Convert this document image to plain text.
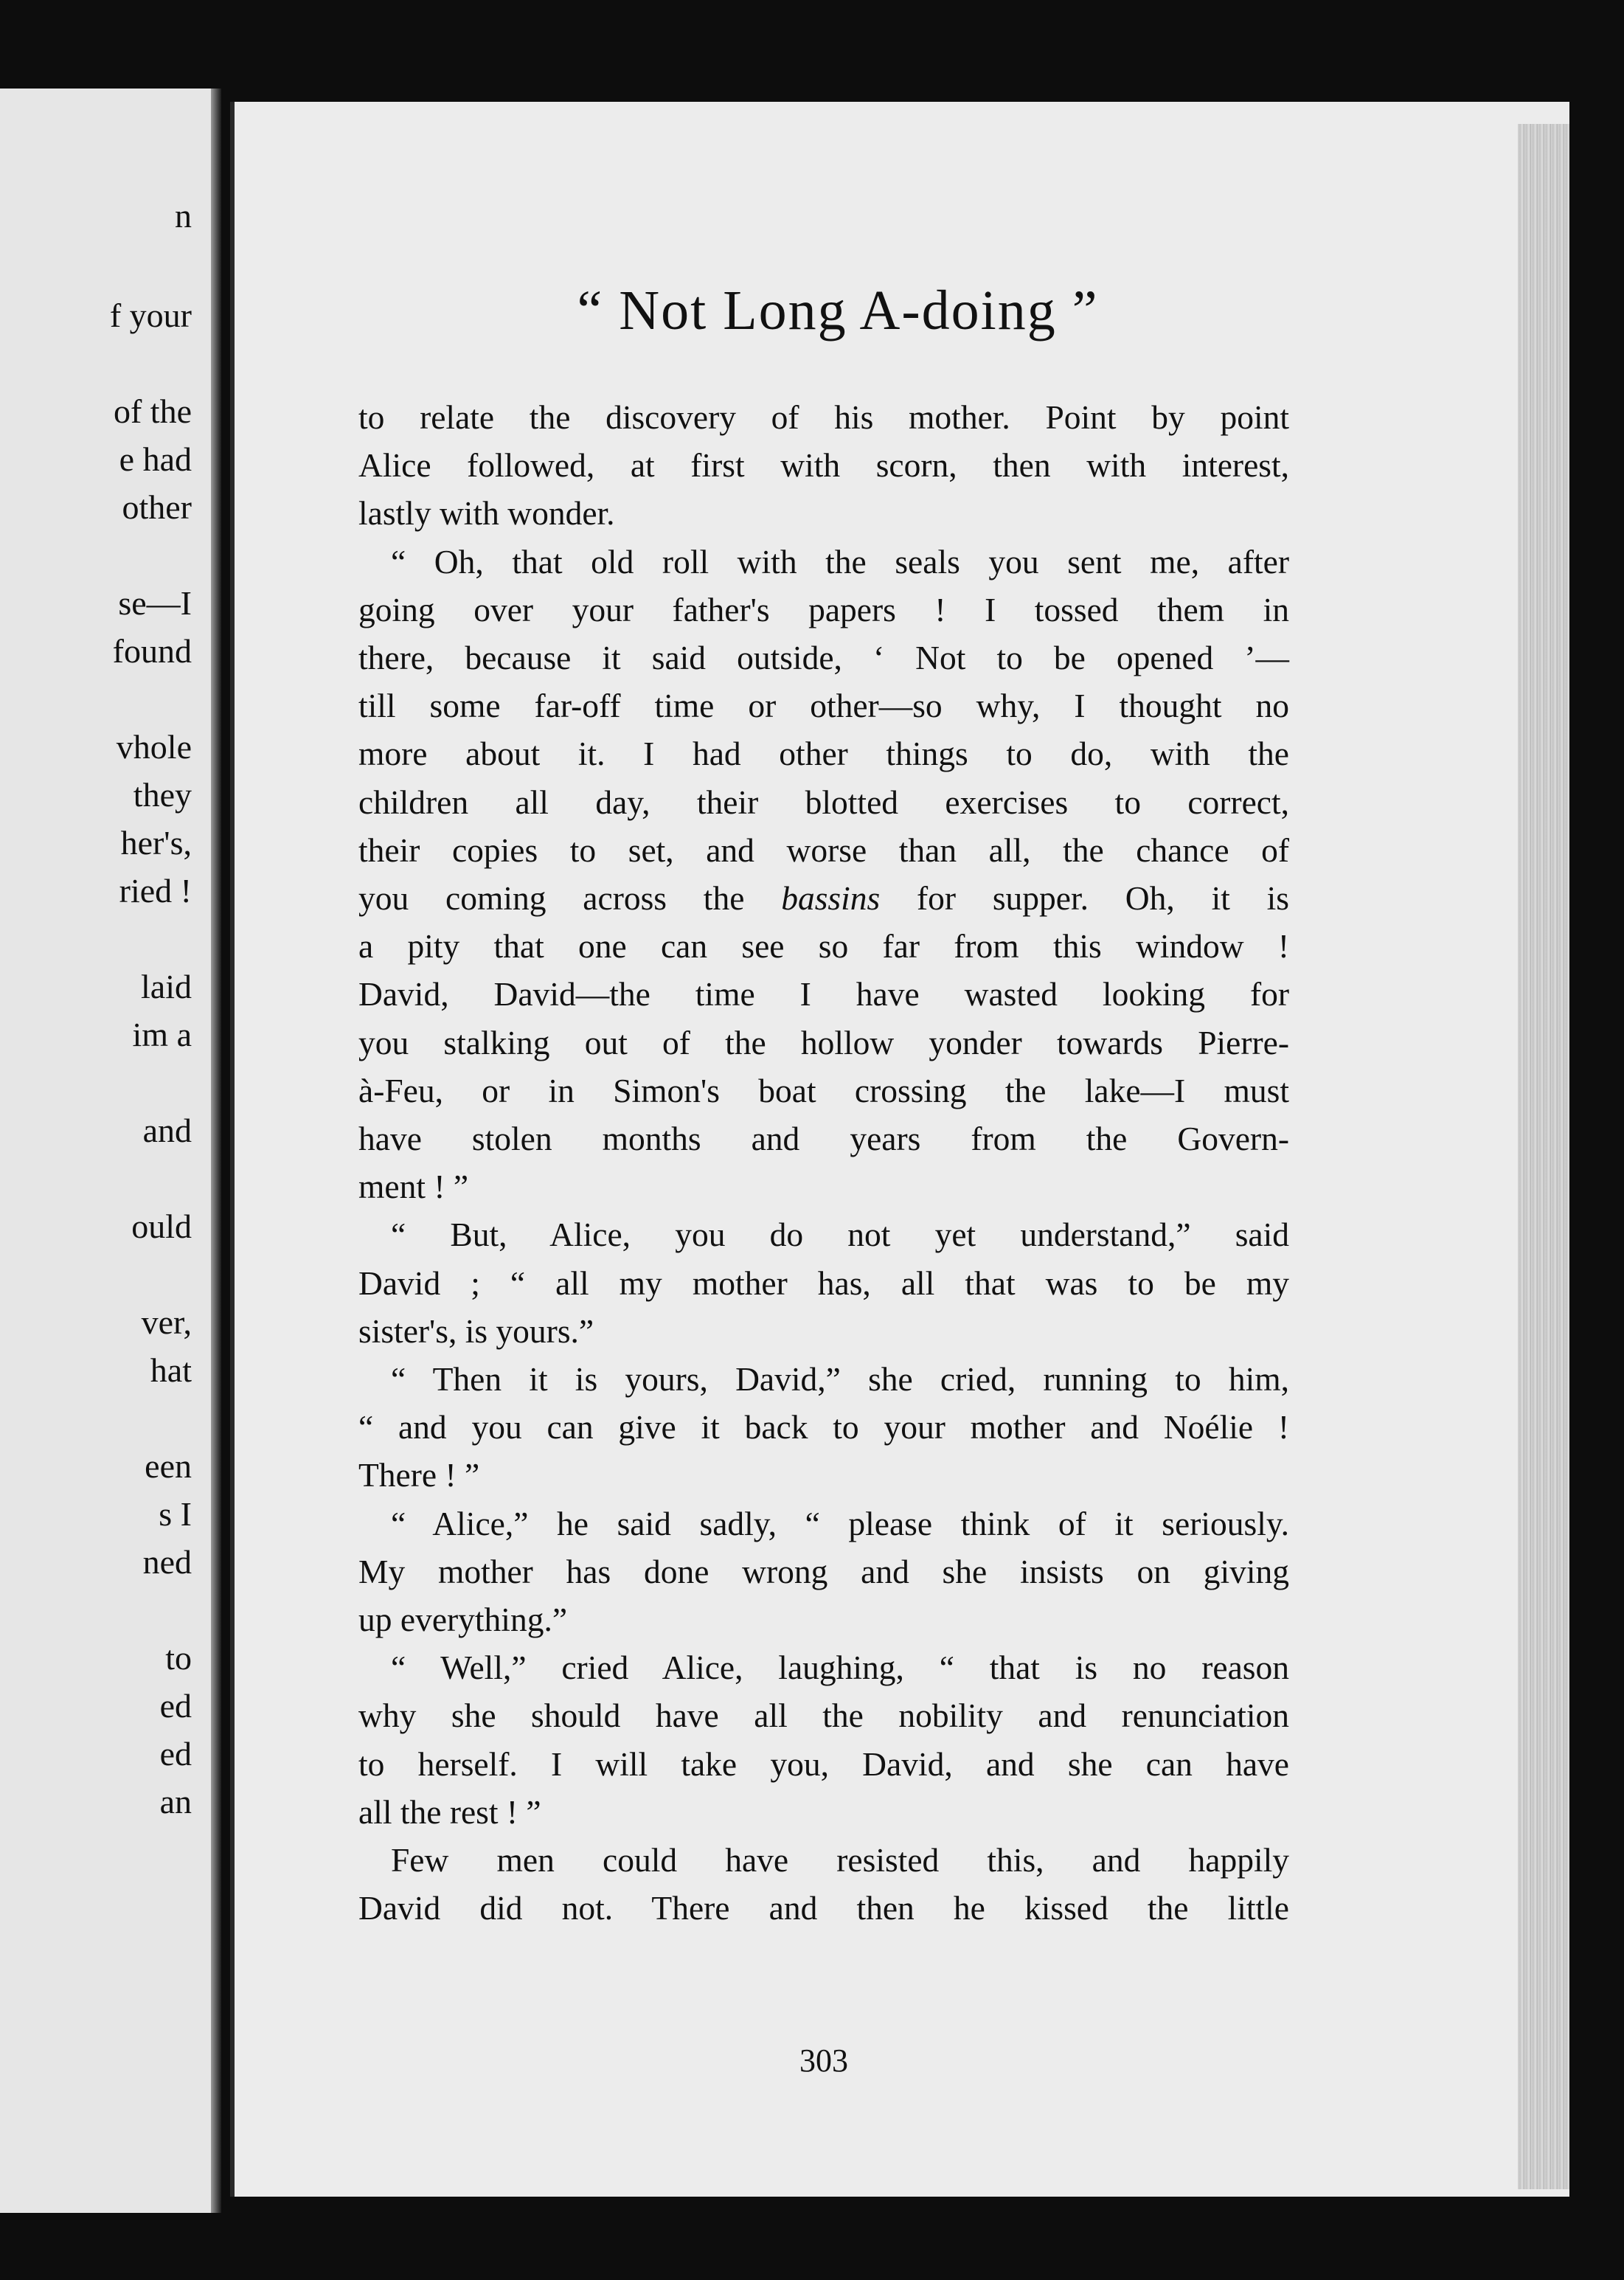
n
f your
of the
e had
other
se—I
found
vhole
they
her's,
ried !
laid
im a
and
ould
ver,
hat
een
s I
ned
to
ed
ed
an
“ Not Long A-doing ”
to relate the discovery of his mother. Point by point
Alice followed, at first with scorn, then with interest,
lastly with wonder.
“ Oh, that old roll with the seals you sent me, after
going over your father's papers ! I tossed them in
there, because it said outside, ‘ Not to be opened ’—
till some far-off time or other—so why, I thought no
more about it. I had other things to do, with the
children all day, their blotted exercises to correct,
their copies to set, and worse than all, the chance of
you coming across the bassins for supper. Oh, it is
a pity that one can see so far from this window !
David, David—the time I have wasted looking for
you stalking out of the hollow yonder towards Pierre-
à-Feu, or in Simon's boat crossing the lake—I must
have stolen months and years from the Govern-
ment ! ”
“ But, Alice, you do not yet understand,” said
David ; “ all my mother has, all that was to be my
sister's, is yours.”
“ Then it is yours, David,” she cried, running to him,
“ and you can give it back to your mother and Noélie !
There ! ”
“ Alice,” he said sadly, “ please think of it seriously.
My mother has done wrong and she insists on giving
up everything.”
“ Well,” cried Alice, laughing, “ that is no reason
why she should have all the nobility and renunciation
to herself. I will take you, David, and she can have
all the rest ! ”
Few men could have resisted this, and happily
David did not. There and then he kissed the little
303
